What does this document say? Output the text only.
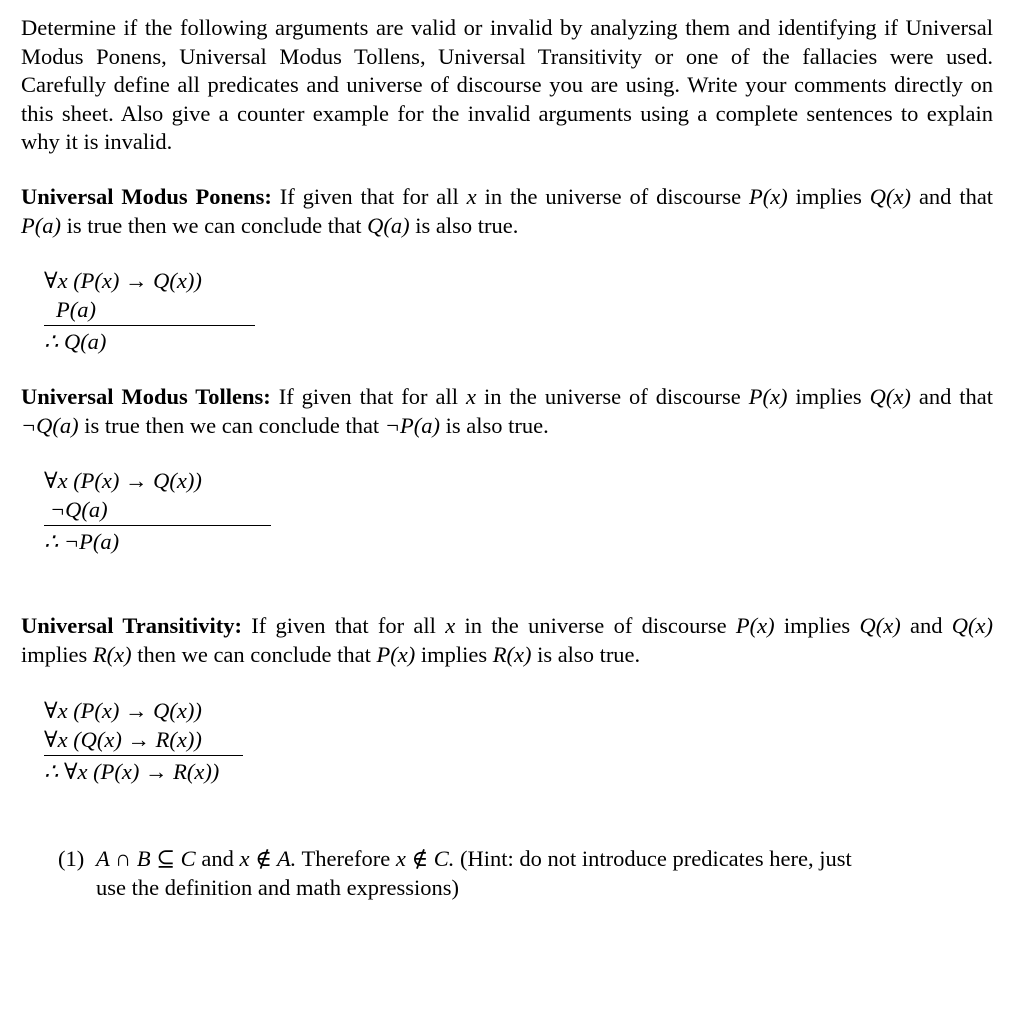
Determine if the following arguments are valid or invalid by analyzing them and identifying if Universal Modus Ponens, Universal Modus Tollens, Universal Transitivity or one of the fallacies were used. Carefully define all predicates and universe of discourse you are using. Write your comments directly on this sheet. Also give a counter example for the invalid arguments using a complete sentences to explain why it is invalid.

Universal Modus Ponens: If given that for all x in the universe of discourse P(x) implies Q(x) and that P(a) is true then we can conclude that Q(a) is also true.

∀x (P(x) → Q(x))
P(a)
∴ Q(a)

Universal Modus Tollens: If given that for all x in the universe of discourse P(x) implies Q(x) and that ¬Q(a) is true then we can conclude that ¬P(a) is also true.

∀x (P(x) → Q(x))
¬Q(a)
∴ ¬P(a)

Universal Transitivity: If given that for all x in the universe of discourse P(x) implies Q(x) and Q(x) implies R(x) then we can conclude that P(x) implies R(x) is also true.

∀x (P(x) → Q(x))
∀x (Q(x) → R(x))
∴ ∀x (P(x) → R(x))
(1) A ∩ B ⊆ C and x ∉ A. Therefore x ∉ C. (Hint: do not introduce predicates here, just
use the definition and math expressions)
